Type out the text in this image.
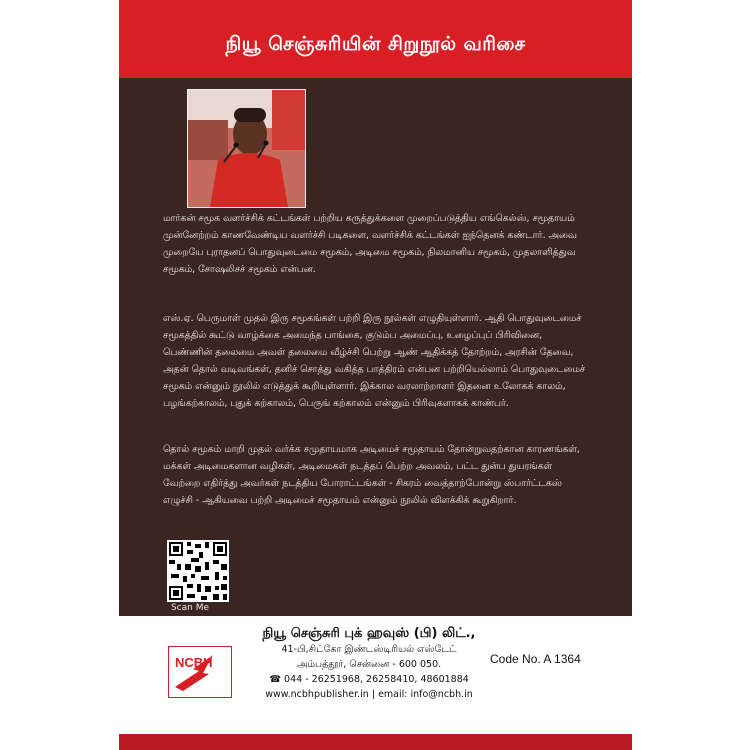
நியூ செஞ்சுரியின் சிறுநூல் வரிசை
மார்கன் சமூக வளர்ச்சிக் கட்டங்கள் பற்றிய கருத்துக்களை முறைப்படுத்திய எங்கெல்ஸ், சமூதாயம் முன்னேற்றம் காணவேண்டிய வளர்ச்சி படிகளை, வளர்ச்சிக் கட்டங்கள் ஐந்தெனக் கண்டார். அவை முறையே புராதனப் பொதுவுடைமை சமூகம், அடிமை சமூகம், நிலமானிய சமூகம், முதலாளித்துவ சமூகம், சோஷலிசச் சமூகம் என்பன.
எஸ்.ஏ. பெருமாள் முதல் இரு சமூகங்கள் பற்றி இரு நூல்கள் எழுதியுள்ளார். ஆதி பொதுவுடைமைச் சமூகத்தில் கூட்டு வாழ்க்கை அமைந்த பாங்கை, குடும்ப அமைப்பு, உழைப்புப் பிரிவினை, பெண்ணின் தலைமை அவள் தலைமை வீழ்ச்சி பெற்று ஆண் ஆதிக்கத் தோற்றம், அரசின் தேவை, அதன் தொல் வடிவங்கள், தனிச் சொத்து வகித்த பாத்திரம் என்பன பற்றியெல்லாம் பொதுவுடைமைச் சமூகம் என்னும் நூலில் எடுத்துக் கூறியுள்ளார். இக்கால வரலாற்றாளர் இதனை உலோகக் காலம், பழங்கற்காலம், புதுக் கற்காலம், பெருங் கற்காலம் என்னும் பிரிவுகளாகக் காண்பர்.
தொல் சமூகம் மாறி முதல் வர்க்க சமுதாயமாக அடிமைச் சமூதாயம் தோன்றுவதற்கான காரணங்கள், மக்கள் அடிமைகளான வழிகள், அடிமைகள் நடத்தப் பெற்ற அவலம், பட்ட துன்ப துயரங்கள் வேற்றை எதிர்த்து அவர்கள் நடத்திய போராட்டங்கள் - சிகரம் வைத்தாற்போன்று ஸ்பார்ட்டகஸ் எழுச்சி - ஆகியவை பற்றி அடிமைச் சமூதாயம் என்னும் நூலில் விளக்கிக் கூறுகிறார்.
Scan Me
NCBH
நியூ செஞ்சுரி புக் ஹவுஸ் (பி) லிட்.,
41-பி,சிட்கோ இண்டஸ்டிரியல் எஸ்டேட்
அம்பத்தூர், சென்னை - 600 050.
☎ 044 - 26251968, 26258410, 48601884
www.ncbhpublisher.in | email: info@ncbh.in
Code No. A 1364
